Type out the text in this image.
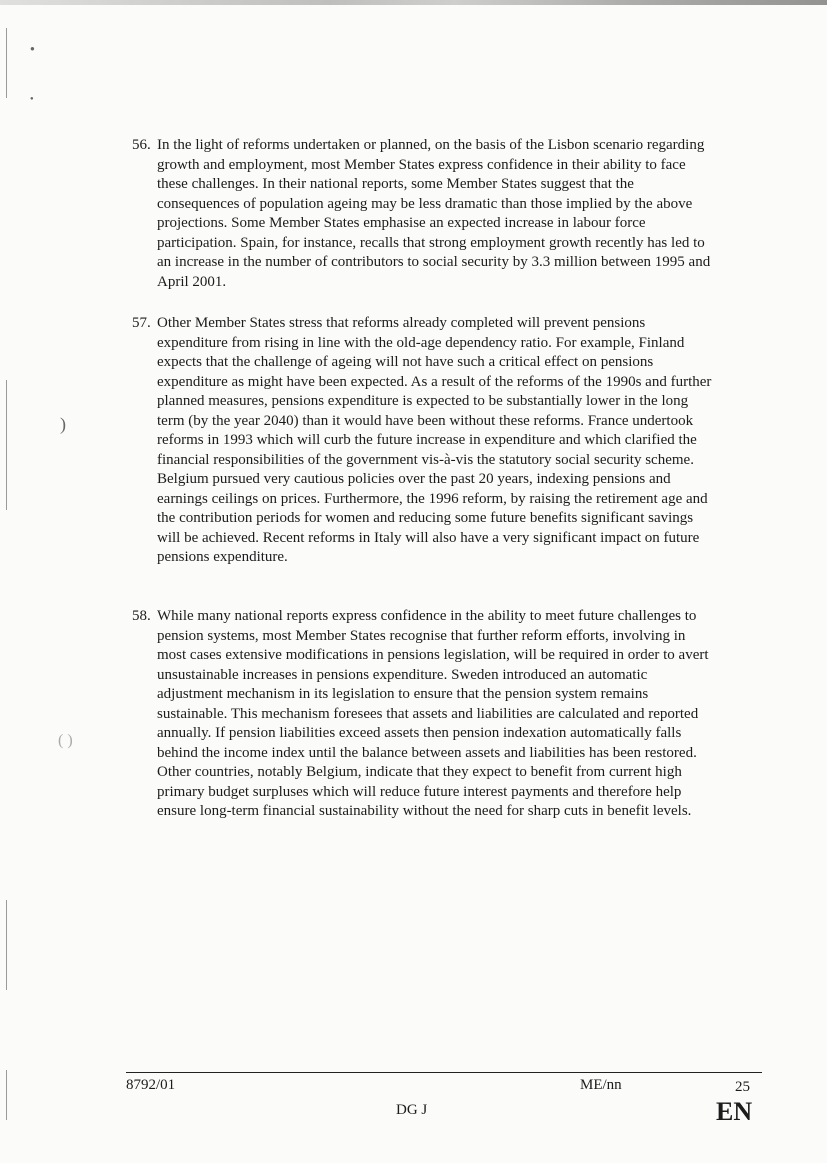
●
●
)
( )
56. In the light of reforms undertaken or planned, on the basis of the Lisbon scenario regarding growth and employment, most Member States express confidence in their ability to face these challenges. In their national reports, some Member States suggest that the consequences of population ageing may be less dramatic than those implied by the above projections. Some Member States emphasise an expected increase in labour force participation. Spain, for instance, recalls that strong employment growth recently has led to an increase in the number of contributors to social security by 3.3 million between 1995 and April 2001.
57. Other Member States stress that reforms already completed will prevent pensions expenditure from rising in line with the old-age dependency ratio. For example, Finland expects that the challenge of ageing will not have such a critical effect on pensions expenditure as might have been expected. As a result of the reforms of the 1990s and further planned measures, pensions expenditure is expected to be substantially lower in the long term (by the year 2040) than it would have been without these reforms. France undertook reforms in 1993 which will curb the future increase in expenditure and which clarified the financial responsibilities of the government vis-à-vis the statutory social security scheme. Belgium pursued very cautious policies over the past 20 years, indexing pensions and earnings ceilings on prices. Furthermore, the 1996 reform, by raising the retirement age and the contribution periods for women and reducing some future benefits significant savings will be achieved. Recent reforms in Italy will also have a very significant impact on future pensions expenditure.
58. While many national reports express confidence in the ability to meet future challenges to pension systems, most Member States recognise that further reform efforts, involving in most cases extensive modifications in pensions legislation, will be required in order to avert unsustainable increases in pensions expenditure. Sweden introduced an automatic adjustment mechanism in its legislation to ensure that the pension system remains sustainable. This mechanism foresees that assets and liabilities are calculated and reported annually. If pension liabilities exceed assets then pension indexation automatically falls behind the income index until the balance between assets and liabilities has been restored. Other countries, notably Belgium, indicate that they expect to benefit from current high primary budget surpluses which will reduce future interest payments and therefore help ensure long-term financial sustainability without the need for sharp cuts in benefit levels.
8792/01	ME/nn	25
DG J	EN
